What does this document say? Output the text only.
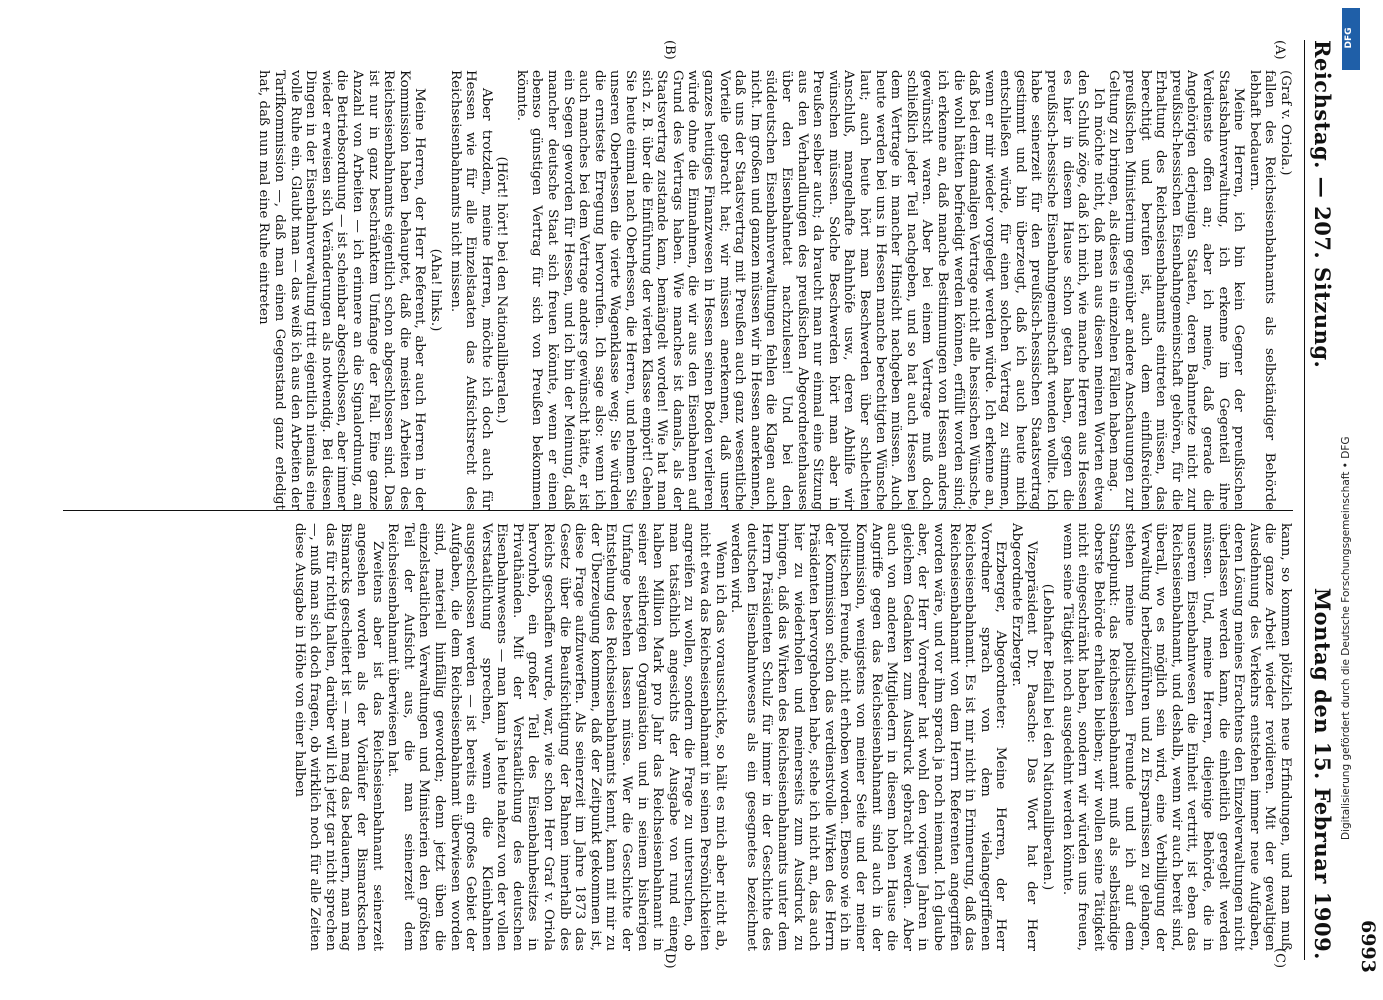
Reichstag. — 207. Sitzung.
Montag den 15. Februar 1909. 6993
(A)
(B)
(C)
(D)

(Graf v. Oriola.)

fallen des Reichseisenbahnamts als selbständiger Behörde lebhaft bedauern.

Meine Herren, ich bin kein Gegner der preußischen Staatsbahnverwaltung, ich erkenne im Gegenteil ihre Verdienste offen an; aber ich meine, daß gerade die Angehörigen derjenigen Staaten, deren Bahnnetze nicht zur preußisch-hessischen Eisenbahngemeinschaft gehören, für die Erhaltung des Reichseisenbahnamts eintreten müssen, das berechtigt und berufen ist, auch dem einflußreichen preußischen Ministerium gegenüber andere Anschauungen zur Geltung zu bringen, als dieses in einzelnen Fällen haben mag.

Ich möchte nicht, daß man aus diesen meinen Worten etwa den Schluß zöge, daß ich mich, wie manche Herren aus Hessen es hier in diesem Hause schon getan haben, gegen die preußisch-hessische Eisenbahngemeinschaft wenden wollte. Ich habe seinerzeit für den preußisch-hessischen Staatsvertrag gestimmt und bin überzeugt, daß ich auch heute mich entschließen würde, für einen solchen Vertrag zu stimmen, wenn er mir wieder vorgelegt werden würde. Ich erkenne an, daß bei dem damaligen Vertrage nicht alle hessischen Wünsche, die wohl hätten befriedigt werden können, erfüllt worden sind; ich erkenne an, daß manche Bestimmungen von Hessen anders gewünscht waren. Aber bei einem Vertrage muß doch schließlich jeder Teil nachgeben, und so hat auch Hessen bei dem Vertrage in mancher Hinsicht nachgeben müssen. Auch heute werden bei uns in Hessen manche berechtigten Wünsche laut; auch heute hört man Beschwerden über schlechten Anschluß, mangelhafte Bahnhöfe usw., deren Abhilfe wir wünschen müssen. Solche Beschwerden hört man aber in Preußen selber auch; da braucht man nur einmal eine Sitzung aus den Verhandlungen des preußischen Abgeordnetenhauses über den Eisenbahnetat nachzulesen! Und bei den süddeutschen Eisenbahnverwaltungen fehlen die Klagen auch nicht. Im großen und ganzen müssen wir in Hessen anerkennen, daß uns der Staatsvertrag mit Preußen auch ganz wesentliche Vorteile gebracht hat; wir müssen anerkennen, daß unser ganzes heutiges Finanzwesen in Hessen seinen Boden verlieren würde ohne die Einnahmen, die wir aus den Eisenbahnen auf Grund des Vertrags haben. Wie manches ist damals, als der Staatsvertrag zustande kam, bemängelt worden! Wie hat man sich z. B. über die Einführung der vierten Klasse empört! Gehen Sie heute einmal nach Oberhessen, die Herren, und nehmen Sie unseren Oberhessen die vierte Wagenklasse weg; Sie würden die ernsteste Erregung hervorrufen. Ich sage also: wenn ich auch manches bei dem Vertrage anders gewünscht hätte, er ist ein Segen geworden für Hessen, und ich bin der Meinung, daß mancher deutsche Staat sich freuen könnte, wenn er einen ebenso günstigen Vertrag für sich von Preußen bekommen könnte.

(Hört! hört! bei den Nationalliberalen.)

Aber trotzdem, meine Herren, möchte ich doch auch für Hessen wie für alle Einzelstaaten das Aufsichtsrecht des Reichseisenbahnamts nicht missen.

(Aha! links.)

Meine Herren, der Herr Referent, aber auch Herren in der Kommission haben behauptet, daß die meisten Arbeiten des Reichseisenbahnamts eigentlich schon abgeschlossen sind. Das ist nur in ganz beschränktem Umfange der Fall. Eine ganze Anzahl von Arbeiten — ich erinnere an die Signalordnung, an die Betriebsordnung — ist scheinbar abgeschlossen, aber immer wieder erweisen sich Veränderungen als notwendig. Bei diesen Dingen in der Eisenbahnverwaltung tritt eigentlich niemals eine volle Ruhe ein. Glaubt man — das weiß ich aus den Arbeiten der Tarifkommission —, daß man einen Gegenstand ganz erledigt hat, daß nun mal eine Ruhe eintreten

kann, so kommen plötzlich neue Erfindungen, und man muß die ganze Arbeit wieder revidieren. Mit der gewaltigen Ausdehnung des Verkehrs entstehen immer neue Aufgaben, deren Lösung meines Erachtens den Einzelverwaltungen nicht überlassen werden kann, die einheitlich geregelt werden müssen. Und, meine Herren, diejenige Behörde, die in unserem Eisenbahnwesen die Einheit vertritt, ist eben das Reichseisenbahnamt, und deshalb, wenn wir auch bereit sind, überall, wo es möglich sein wird, eine Verbilligung der Verwaltung herbeizuführen und zu Ersparnissen zu gelangen, stehen meine politischen Freunde und ich auf dem Standpunkt: das Reichseisenbahnamt muß als selbständige oberste Behörde erhalten bleiben; wir wollen seine Tätigkeit nicht eingeschränkt haben, sondern wir würden uns freuen, wenn seine Tätigkeit noch ausgedehnt werden könnte.

(Lebhafter Beifall bei den Nationalliberalen.)

Vizepräsident Dr. Paasche: Das Wort hat der Herr Abgeordnete Erzberger.

Erzberger, Abgeordneter: Meine Herren, der Herr Vorredner sprach von dem vielangegriffenen Reichseisenbahnamt. Es ist mir nicht in Erinnerung, daß das Reichseisenbahnamt von dem Herrn Referenten angegriffen worden wäre, und vor ihm sprach ja noch niemand. Ich glaube aber, der Herr Vorredner hat wohl den vorigen Jahren in gleichem Gedanken zum Ausdruck gebracht werden. Aber auch von anderen Mitgliedern in diesem hohen Hause die Angriffe gegen das Reichseisenbahnamt sind auch in der Kommission, wenigstens von meiner Seite und der meiner politischen Freunde, nicht erhoben worden. Ebenso wie ich in der Kommission schon das verdienstvolle Wirken des Herrn Präsidenten hervorgehoben habe, stehe ich nicht an, das auch hier zu wiederholen und meinerseits zum Ausdruck zu bringen, daß das Wirken des Reichseisenbahnamts unter dem Herrn Präsidenten Schulz für immer in der Geschichte des deutschen Eisenbahnwesens als ein gesegnetes bezeichnet werden wird.

Wenn ich das vorausschicke, so hält es mich aber nicht ab, nicht etwa das Reichseisenbahnamt in seinen Persönlichkeiten angreifen zu wollen, sondern die Frage zu untersuchen, ob man tatsächlich angesichts der Ausgabe von rund einer halben Million Mark pro Jahr das Reichseisenbahnamt in seiner seitherigen Organisation und in seinem bisherigen Umfange bestehen lassen müsse. Wer die Geschichte der Entstehung des Reichseisenbahnamts kennt, kann mit mir zu der Überzeugung kommen, daß der Zeitpunkt gekommen ist, diese Frage aufzuwerfen. Als seinerzeit im Jahre 1873 das Gesetz über die Beaufsichtigung der Bahnen innerhalb des Reichs geschaffen wurde, war, wie schon Herr Graf v. Oriola hervorhob, ein großer Teil des Eisenbahnbesitzes in Privathänden. Mit der Verstaatlichung des deutschen Eisenbahnwesens — man kann ja heute nahezu von der vollen Verstaatlichung sprechen, wenn die Kleinbahnen ausgeschlossen werden — ist bereits ein großes Gebiet der Aufgaben, die dem Reichseisenbahnamt überwiesen worden sind, materiell hinfällig geworden; denn jetzt üben die einzelstaatlichen Verwaltungen und Ministerien den größten Teil der Aufsicht aus, die man seinerzeit dem Reichseisenbahnamt überwiesen hat.

Zweitens aber ist das Reichseisenbahnamt seinerzeit angesehen worden als der Vorläufer der Bismarckschen Bismarcks gescheitert ist — man mag das bedauern, man mag das für richtig halten, darüber will ich jetzt gar nicht sprechen —, muß man sich doch fragen, ob wirklich noch für alle Zeiten diese Ausgabe in Höhe von einer halben

DFG
Digitalisierung gefördert durch die Deutsche Forschungsgemeinschaft • DFG
